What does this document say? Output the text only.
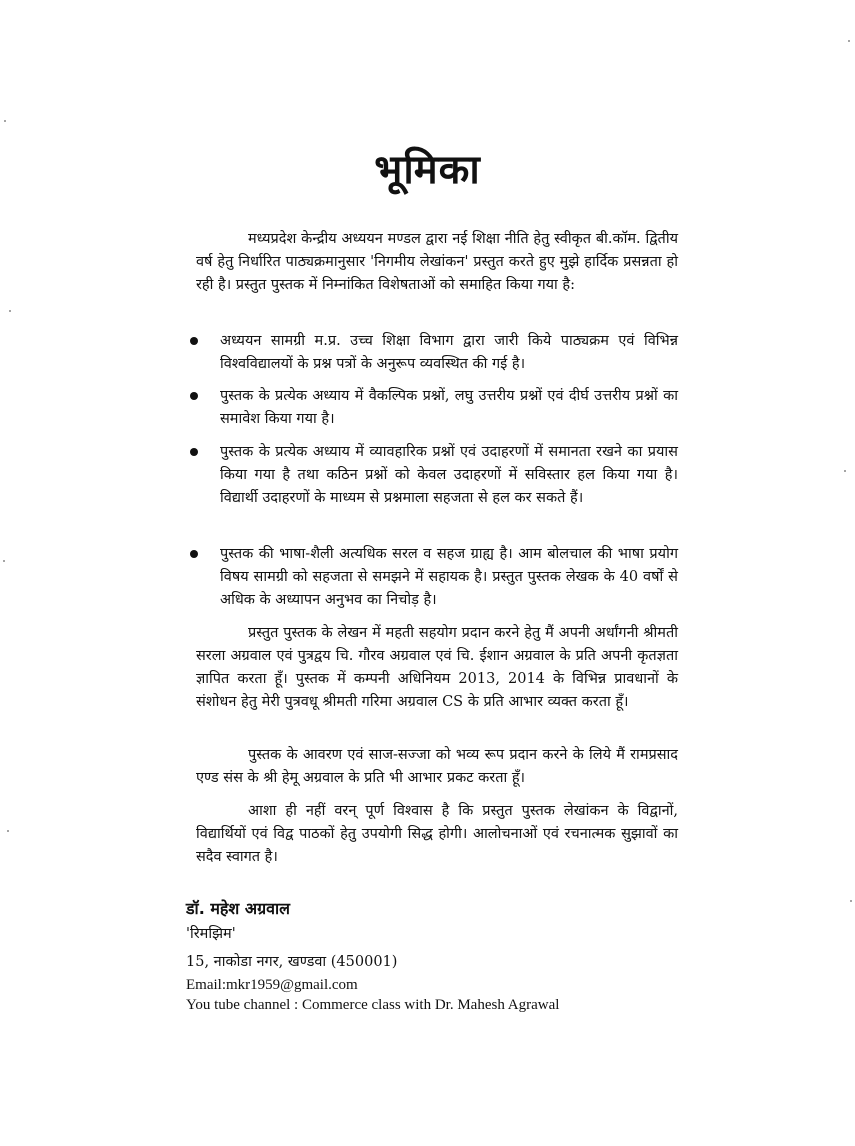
भूमिका
मध्यप्रदेश केन्द्रीय अध्ययन मण्डल द्वारा नई शिक्षा नीति हेतु स्वीकृत बी.कॉम. द्वितीय वर्ष हेतु निर्धारित पाठ्यक्रमानुसार 'निगमीय लेखांकन' प्रस्तुत करते हुए मुझे हार्दिक प्रसन्नता हो रही है। प्रस्तुत पुस्तक में निम्नांकित विशेषताओं को समाहित किया गया है:
अध्ययन सामग्री म.प्र. उच्च शिक्षा विभाग द्वारा जारी किये पाठ्यक्रम एवं विभिन्न विश्वविद्यालयों के प्रश्न पत्रों के अनुरूप व्यवस्थित की गई है।
पुस्तक के प्रत्येक अध्याय में वैकल्पिक प्रश्नों, लघु उत्तरीय प्रश्नों एवं दीर्घ उत्तरीय प्रश्नों का समावेश किया गया है।
पुस्तक के प्रत्येक अध्याय में व्यावहारिक प्रश्नों एवं उदाहरणों में समानता रखने का प्रयास किया गया है तथा कठिन प्रश्नों को केवल उदाहरणों में सविस्तार हल किया गया है। विद्यार्थी उदाहरणों के माध्यम से प्रश्नमाला सहजता से हल कर सकते हैं।
पुस्तक की भाषा-शैली अत्यधिक सरल व सहज ग्राह्य है। आम बोलचाल की भाषा प्रयोग विषय सामग्री को सहजता से समझने में सहायक है। प्रस्तुत पुस्तक लेखक के 40 वर्षों से अधिक के अध्यापन अनुभव का निचोड़ है।
प्रस्तुत पुस्तक के लेखन में महती सहयोग प्रदान करने हेतु मैं अपनी अर्धांगनी श्रीमती सरला अग्रवाल एवं पुत्रद्वय चि. गौरव अग्रवाल एवं चि. ईशान अग्रवाल के प्रति अपनी कृतज्ञता ज्ञापित करता हूँ। पुस्तक में कम्पनी अधिनियम 2013, 2014 के विभिन्न प्रावधानों के संशोधन हेतु मेरी पुत्रवधू श्रीमती गरिमा अग्रवाल CS के प्रति आभार व्यक्त करता हूँ।
पुस्तक के आवरण एवं साज-सज्जा को भव्य रूप प्रदान करने के लिये मैं रामप्रसाद एण्ड संस के श्री हेमू अग्रवाल के प्रति भी आभार प्रकट करता हूँ।
आशा ही नहीं वरन् पूर्ण विश्वास है कि प्रस्तुत पुस्तक लेखांकन के विद्वानों, विद्यार्थियों एवं विद्व पाठकों हेतु उपयोगी सिद्ध होगी। आलोचनाओं एवं रचनात्मक सुझावों का सदैव स्वागत है।
डॉ. महेश अग्रवाल
'रिमझिम'
15, नाकोडा नगर, खण्डवा (450001)
Email:mkr1959@gmail.com
You tube channel : Commerce class with Dr. Mahesh Agrawal
